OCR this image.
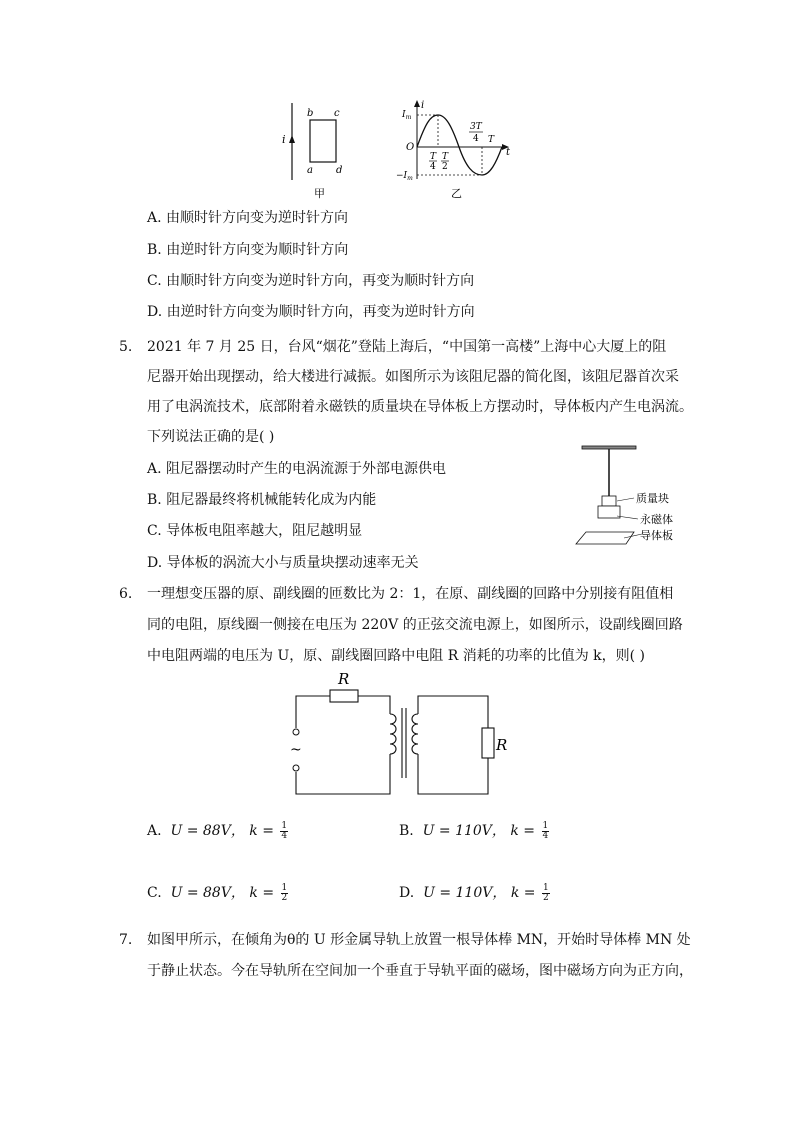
i
b c
a d
甲
i
t
O
$I_m$
$-I_m$
T
4
T
2
3T
4 T
乙
A. 由顺时针方向变为逆时针方向
B. 由逆时针方向变为顺时针方向
C. 由顺时针方向变为逆时针方向，再变为顺时针方向
D. 由逆时针方向变为顺时针方向，再变为逆时针方向
5. 2021 年 7 月 25 日，台风“烟花”登陆上海后，“中国第一高楼”上海中心大厦上的阻
尼器开始出现摆动，给大楼进行减振。如图所示为该阻尼器的简化图，该阻尼器首次采
用了电涡流技术，底部附着永磁铁的质量块在导体板上方摆动时，导体板内产生电涡流。
下列说法正确的是( )
A. 阻尼器摆动时产生的电涡流源于外部电源供电
B. 阻尼器最终将机械能转化成为内能
C. 导体板电阻率越大，阻尼越明显
D. 导体板的涡流大小与质量块摆动速率无关
质量块
永磁体
导体板
6. 一理想变压器的原、副线圈的匝数比为 2：1，在原、副线圈的回路中分别接有阻值相
同的电阻，原线圈一侧接在电压为 220V 的正弦交流电源上，如图所示，设副线圈回路
中电阻两端的电压为 U，原、副线圈回路中电阻 R 消耗的功率的比值为 k，则( )
~
R
R
A. U = 88V， $k = \frac{1}{4}$	B. U = 110V， $k = \frac{1}{4}$
C. U = 88V， $k = \frac{1}{2}$	D. U = 110V， $k = \frac{1}{2}$
7. 如图甲所示，在倾角为θ的 U 形金属导轨上放置一根导体棒 MN，开始时导体棒 MN 处
于静止状态。今在导轨所在空间加一个垂直于导轨平面的磁场，图中磁场方向为正方向，
